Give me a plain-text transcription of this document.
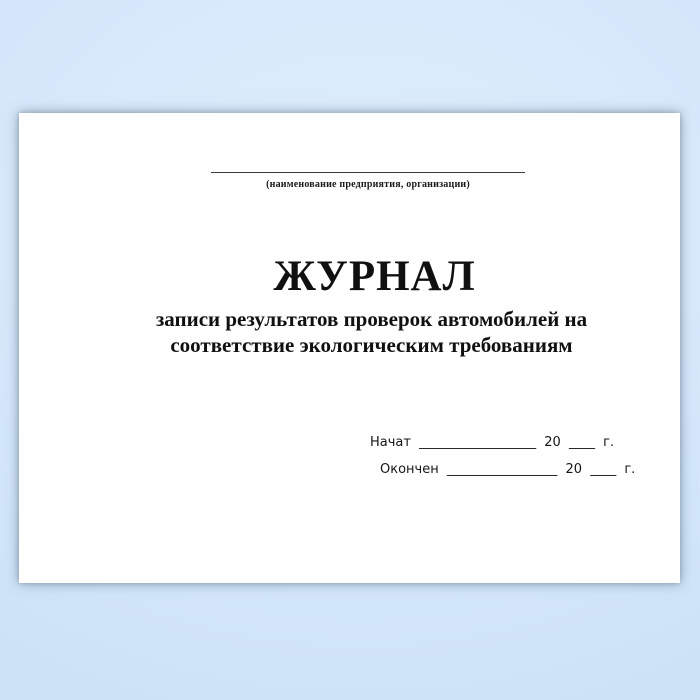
(наименование предприятия, организации)
ЖУРНАЛ
записи результатов проверок автомобилей на
соответствие экологическим требованиям
Начат __________________ 20 ____ г.
Окончен _________________ 20 ____ г.
